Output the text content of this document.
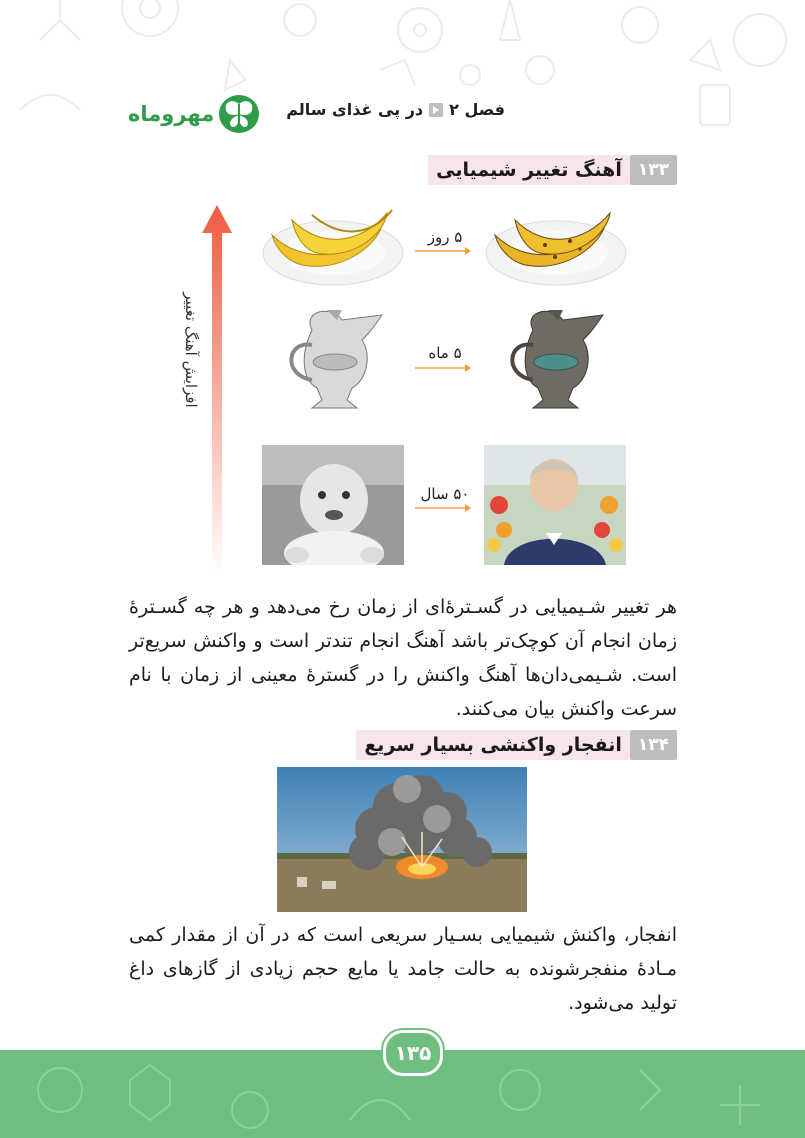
مهروماه	فصل ۲
در پی غذای سالم
۱۳۳
آهنگ تغییر شیمیایی
افزایش آهنگ تغییر
۵ روز
۵ ماه
۵۰ سال
هر تغییر شـیمیایی در گسـترهٔ‌ای از زمان رخ می‌دهد و هر چه گسـترهٔ زمان انجام آن کوچک‌تر باشد آهنگ انجام تندتر است و واکنش سریع‌تر است. شـیمی‌دان‌ها آهنگ واکنش را در گسترهٔ معینی از زمان با نام سرعت واکنش بیان می‌کنند.
۱۳۴
انفجار واکنشی بسیار سریع
انفجار، واکنش شیمیایی بسـیار سریعی است که در آن از مقدار کمی مـادهٔ منفجرشونده به حالت جامد یا مایع حجم زیادی از گازهای داغ تولید می‌شود.
۱۳۵
